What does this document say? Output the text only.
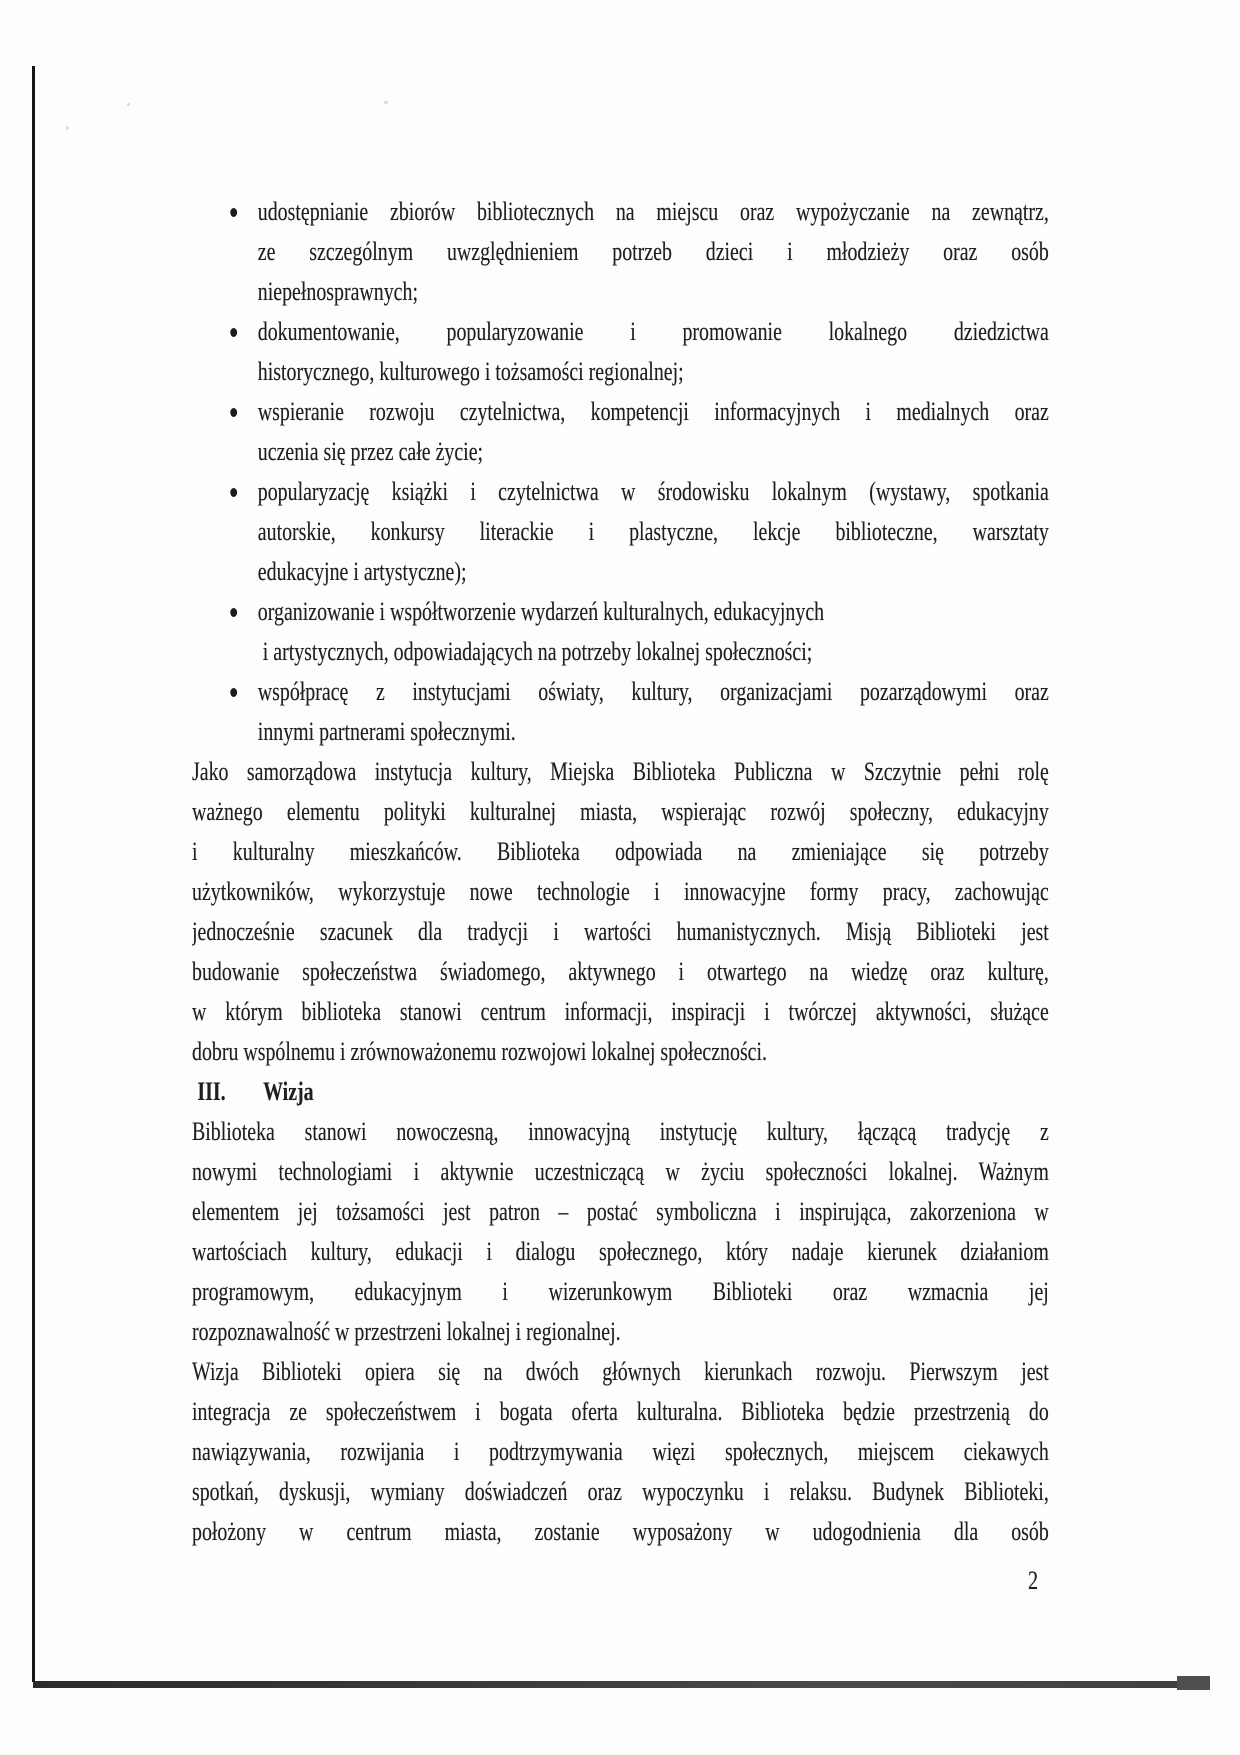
udostępnianie zbiorów bibliotecznych na miejscu oraz wypożyczanie na zewnątrz,
ze szczególnym uwzględnieniem potrzeb dzieci i młodzieży oraz osób
niepełnosprawnych;
dokumentowanie, popularyzowanie i promowanie lokalnego dziedzictwa
historycznego, kulturowego i tożsamości regionalnej;
wspieranie rozwoju czytelnictwa, kompetencji informacyjnych i medialnych oraz
uczenia się przez całe życie;
popularyzację książki i czytelnictwa w środowisku lokalnym (wystawy, spotkania
autorskie, konkursy literackie i plastyczne, lekcje biblioteczne, warsztaty
edukacyjne i artystyczne);
organizowanie i współtworzenie wydarzeń kulturalnych, edukacyjnych
i artystycznych, odpowiadających na potrzeby lokalnej społeczności;
współpracę z instytucjami oświaty, kultury, organizacjami pozarządowymi oraz
innymi partnerami społecznymi.
Jako samorządowa instytucja kultury, Miejska Biblioteka Publiczna w Szczytnie pełni rolę
ważnego elementu polityki kulturalnej miasta, wspierając rozwój społeczny, edukacyjny
i kulturalny mieszkańców. Biblioteka odpowiada na zmieniające się potrzeby
użytkowników, wykorzystuje nowe technologie i innowacyjne formy pracy, zachowując
jednocześnie szacunek dla tradycji i wartości humanistycznych. Misją Biblioteki jest
budowanie społeczeństwa świadomego, aktywnego i otwartego na wiedzę oraz kulturę,
w którym biblioteka stanowi centrum informacji, inspiracji i twórczej aktywności, służące
dobru wspólnemu i zrównoważonemu rozwojowi lokalnej społeczności.
III. Wizja
Biblioteka stanowi nowoczesną, innowacyjną instytucję kultury, łączącą tradycję z
nowymi technologiami i aktywnie uczestniczącą w życiu społeczności lokalnej. Ważnym
elementem jej tożsamości jest patron – postać symboliczna i inspirująca, zakorzeniona w
wartościach kultury, edukacji i dialogu społecznego, który nadaje kierunek działaniom
programowym, edukacyjnym i wizerunkowym Biblioteki oraz wzmacnia jej
rozpoznawalność w przestrzeni lokalnej i regionalnej.
Wizja Biblioteki opiera się na dwóch głównych kierunkach rozwoju. Pierwszym jest
integracja ze społeczeństwem i bogata oferta kulturalna. Biblioteka będzie przestrzenią do
nawiązywania, rozwijania i podtrzymywania więzi społecznych, miejscem ciekawych
spotkań, dyskusji, wymiany doświadczeń oraz wypoczynku i relaksu. Budynek Biblioteki,
położony w centrum miasta, zostanie wyposażony w udogodnienia dla osób
2
